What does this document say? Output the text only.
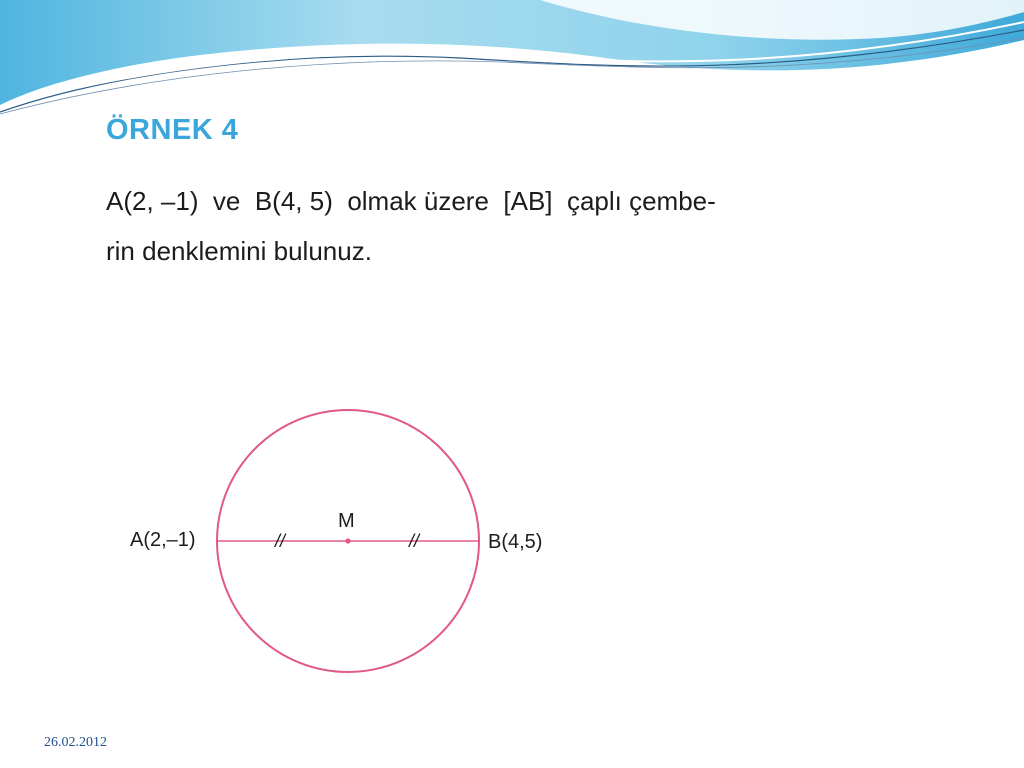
ÖRNEK 4
A(2, –1)  ve  B(4, 5)  olmak üzere  [AB]  çaplı çembe-
rin denklemini bulunuz.
A(2,–1)	B(4,5)
M
//	//
26.02.2012
